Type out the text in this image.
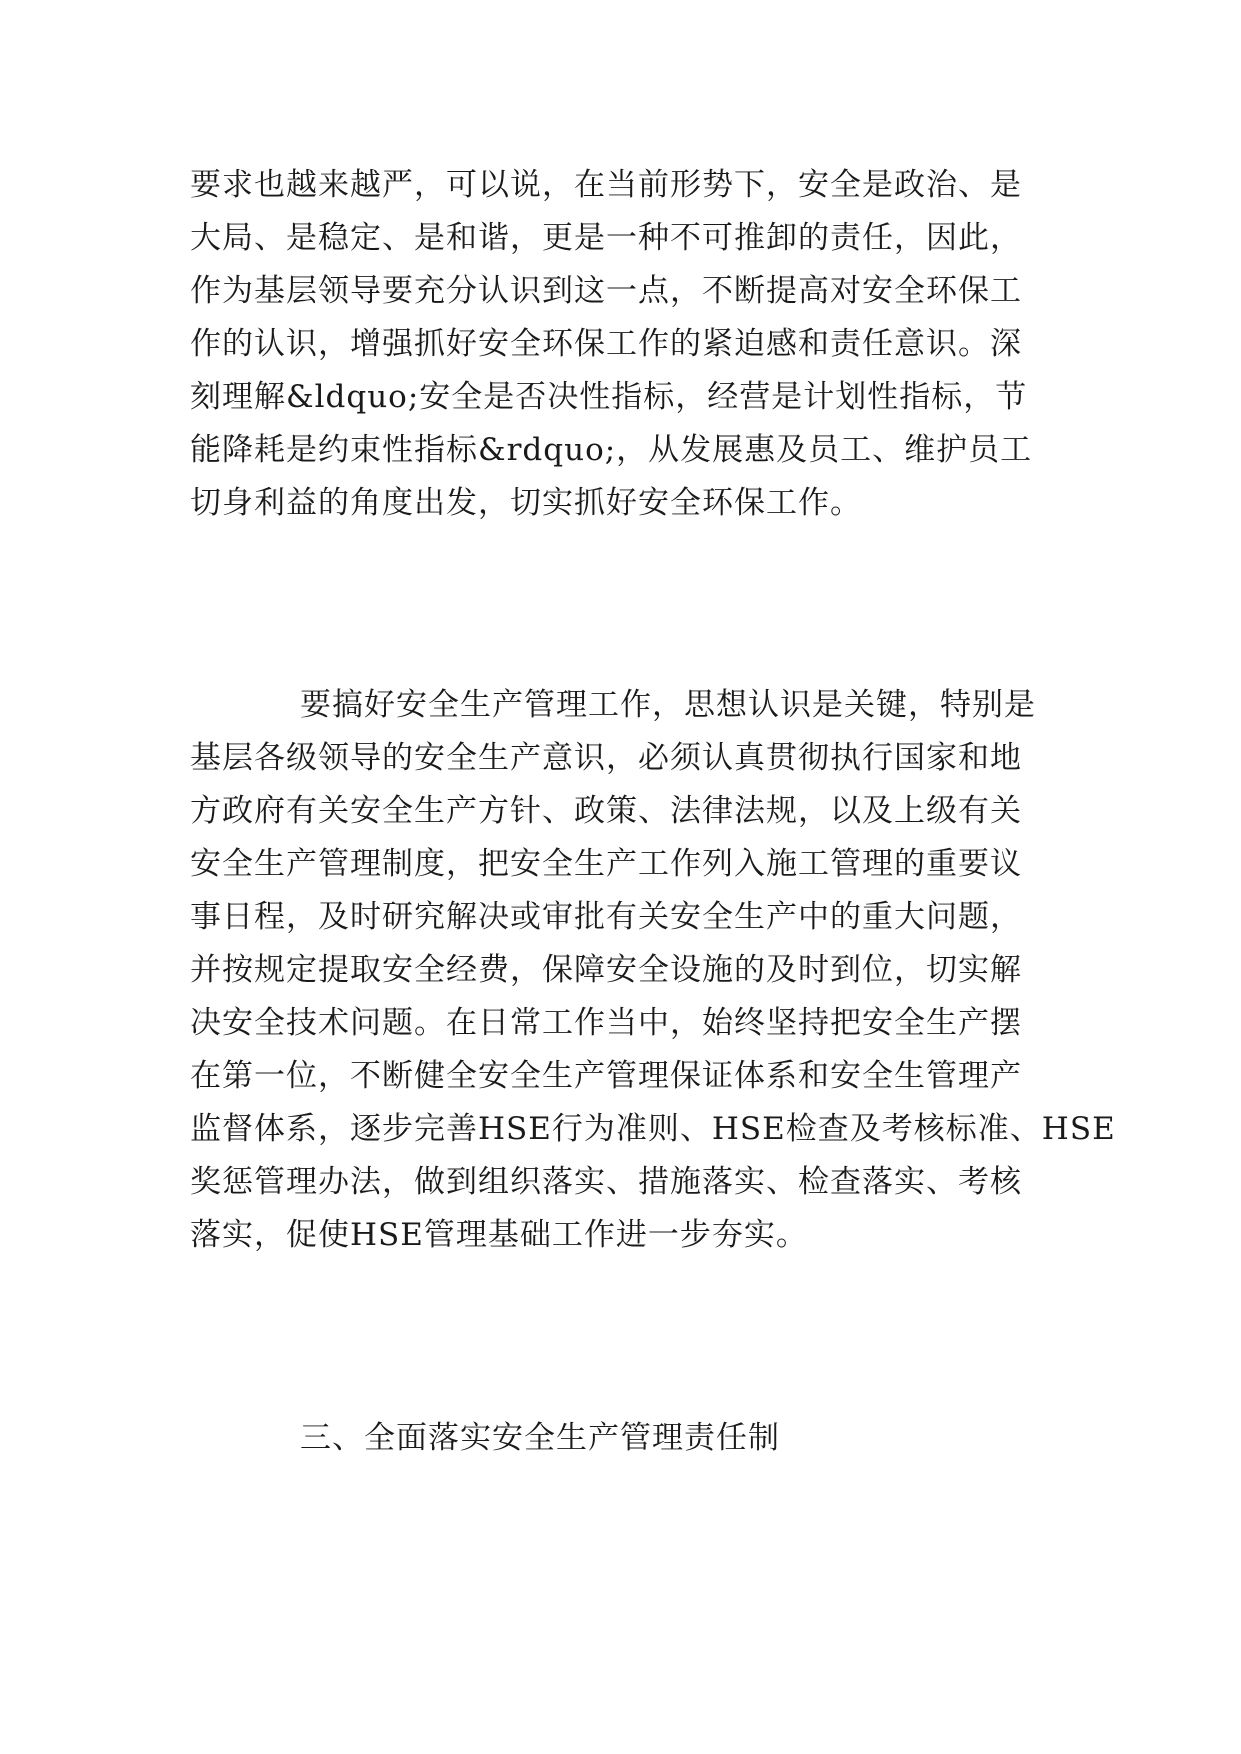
要求也越来越严，可以说，在当前形势下，安全是政治、是
大局、是稳定、是和谐，更是一种不可推卸的责任，因此，
作为基层领导要充分认识到这一点，不断提高对安全环保工
作的认识，增强抓好安全环保工作的紧迫感和责任意识。深
刻理解&ldquo;安全是否决性指标，经营是计划性指标，节
能降耗是约束性指标&rdquo;，从发展惠及员工、维护员工
切身利益的角度出发，切实抓好安全环保工作。
要搞好安全生产管理工作，思想认识是关键，特别是
基层各级领导的安全生产意识，必须认真贯彻执行国家和地
方政府有关安全生产方针、政策、法律法规，以及上级有关
安全生产管理制度，把安全生产工作列入施工管理的重要议
事日程，及时研究解决或审批有关安全生产中的重大问题，
并按规定提取安全经费，保障安全设施的及时到位，切实解
决安全技术问题。在日常工作当中，始终坚持把安全生产摆
在第一位，不断健全安全生产管理保证体系和安全生管理产
监督体系，逐步完善HSE行为准则、HSE检查及考核标准、HSE
奖惩管理办法，做到组织落实、措施落实、检查落实、考核
落实，促使HSE管理基础工作进一步夯实。
三、全面落实安全生产管理责任制
